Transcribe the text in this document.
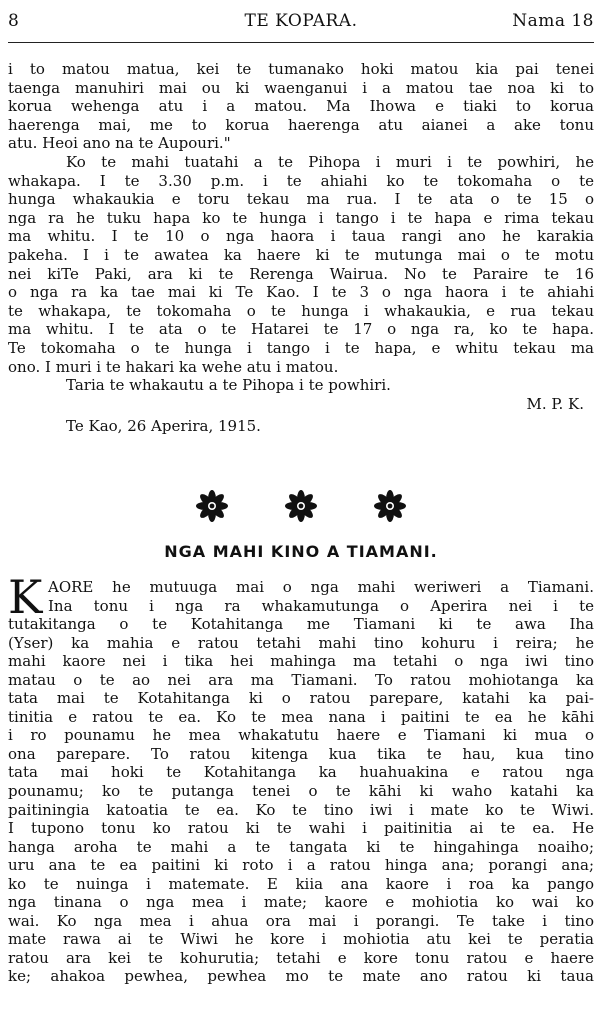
8	TE KOPARA.	Nama 18
i to matou matua, kei te tumanako hoki matou kia pai tenei
taenga manuhiri mai ou ki waenganui i a matou tae noa ki to
korua wehenga atu i a matou. Ma Ihowa e tiaki to korua
haerenga mai, me to korua haerenga atu aianei a ake tonu
atu. Heoi ano na te Aupouri."
Ko te mahi tuatahi a te Pihopa i muri i te powhiri, he
whakapa. I te 3.30 p.m. i te ahiahi ko te tokomaha o te
hunga whakaukia e toru tekau ma rua. I te ata o te 15 o
nga ra he tuku hapa ko te hunga i tango i te hapa e rima tekau
ma whitu. I te 10 o nga haora i taua rangi ano he karakia
pakeha. I i te awatea ka haere ki te mutunga mai o te motu
nei kiTe Paki, ara ki te Rerenga Wairua. No te Paraire te 16
o nga ra ka tae mai ki Te Kao. I te 3 o nga haora i te ahiahi
te whakapa, te tokomaha o te hunga i whakaukia, e rua tekau
ma whitu. I te ata o te Hatarei te 17 o nga ra, ko te hapa.
Te tokomaha o te hunga i tango i te hapa, e whitu tekau ma
ono. I muri i te hakari ka wehe atu i matou.
Taria te whakautu a te Pihopa i te powhiri.
M. P. K.
Te Kao, 26 Aperira, 1915.

NGA MAHI KINO A TIAMANI.
K AORE he mutuuga mai o nga mahi weriweri a Tiamani.
Ina tonu i nga ra whakamutunga o Aperira nei i te
tutakitanga o te Kotahitanga me Tiamani ki te awa Iha
(Yser) ka mahia e ratou tetahi mahi tino kohuru i reira; he
mahi kaore nei i tika hei mahinga ma tetahi o nga iwi tino
matau o te ao nei ara ma Tiamani. To ratou mohiotanga ka
tata mai te Kotahitanga ki o ratou parepare, katahi ka pai-
tinitia e ratou te ea. Ko te mea nana i paitini te ea he kāhi
i ro pounamu he mea whakatutu haere e Tiamani ki mua o
ona parepare. To ratou kitenga kua tika te hau, kua tino
tata mai hoki te Kotahitanga ka huahuakina e ratou nga
pounamu; ko te putanga tenei o te kāhi ki waho katahi ka
paitiningia katoatia te ea. Ko te tino iwi i mate ko te Wiwi.
I tupono tonu ko ratou ki te wahi i paitinitia ai te ea. He
hanga aroha te mahi a te tangata ki te hingahinga noaiho;
uru ana te ea paitini ki roto i a ratou hinga ana; porangi ana;
ko te nuinga i matemate. E kiia ana kaore i roa ka pango
nga tinana o nga mea i mate; kaore e mohiotia ko wai ko
wai. Ko nga mea i ahua ora mai i porangi. Te take i tino
mate rawa ai te Wiwi he kore i mohiotia atu kei te peratia
ratou ara kei te kohurutia; tetahi e kore tonu ratou e haere
ke; ahakoa pewhea, pewhea mo te mate ano ratou ki taua
